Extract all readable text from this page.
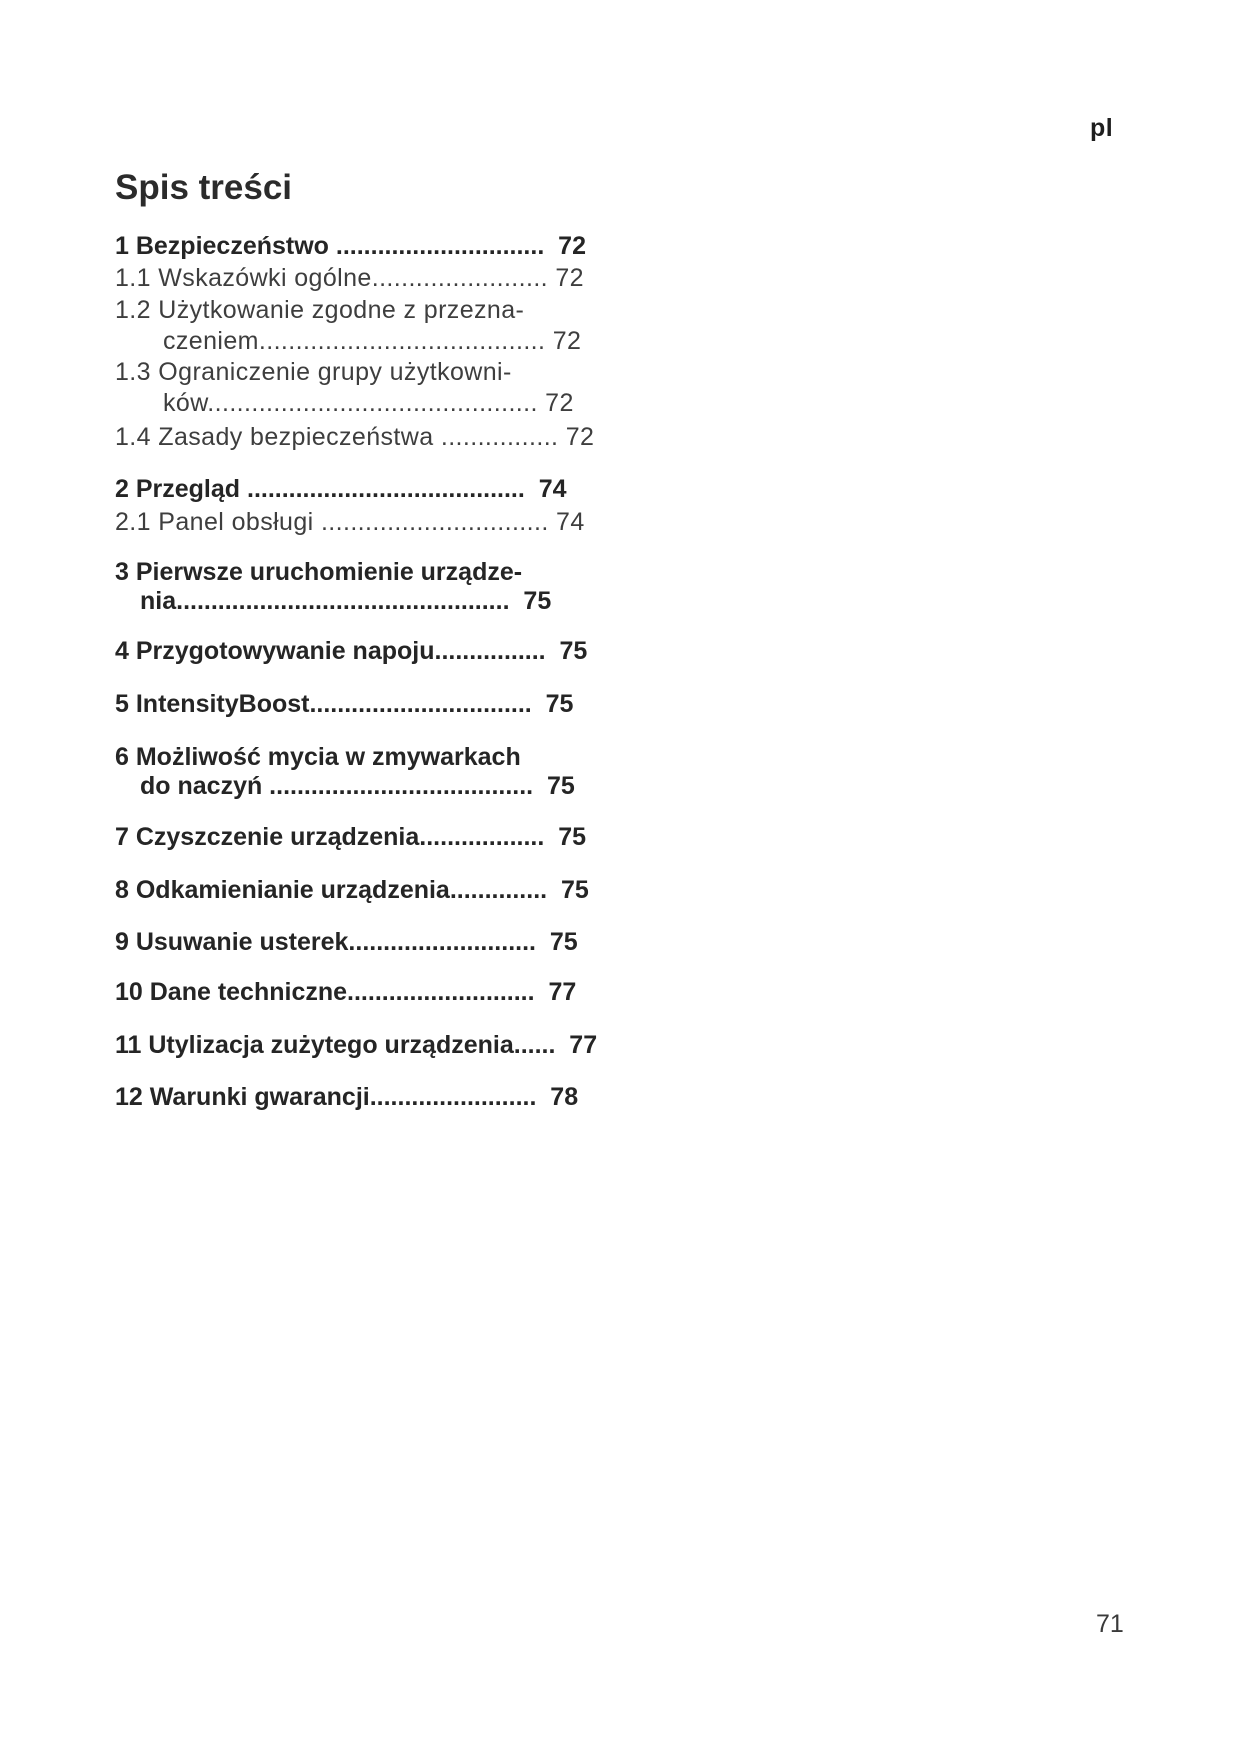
pl
Spis treści
1 Bezpieczeństwo ..............................  72
1.1 Wskazówki ogólne........................ 72
1.2 Użytkowanie zgodne z przezna-
czeniem....................................... 72
1.3 Ograniczenie grupy użytkowni-
ków............................................. 72
1.4 Zasady bezpieczeństwa ................ 72
2 Przegląd ........................................  74
2.1 Panel obsługi ............................... 74
3 Pierwsze uruchomienie urządze-
nia................................................  75
4 Przygotowywanie napoju................  75
5 IntensityBoost................................  75
6 Możliwość mycia w zmywarkach
do naczyń ......................................  75
7 Czyszczenie urządzenia..................  75
8 Odkamienianie urządzenia..............  75
9 Usuwanie usterek...........................  75
10 Dane techniczne...........................  77
11 Utylizacja zużytego urządzenia......  77
12 Warunki gwarancji........................  78
71
